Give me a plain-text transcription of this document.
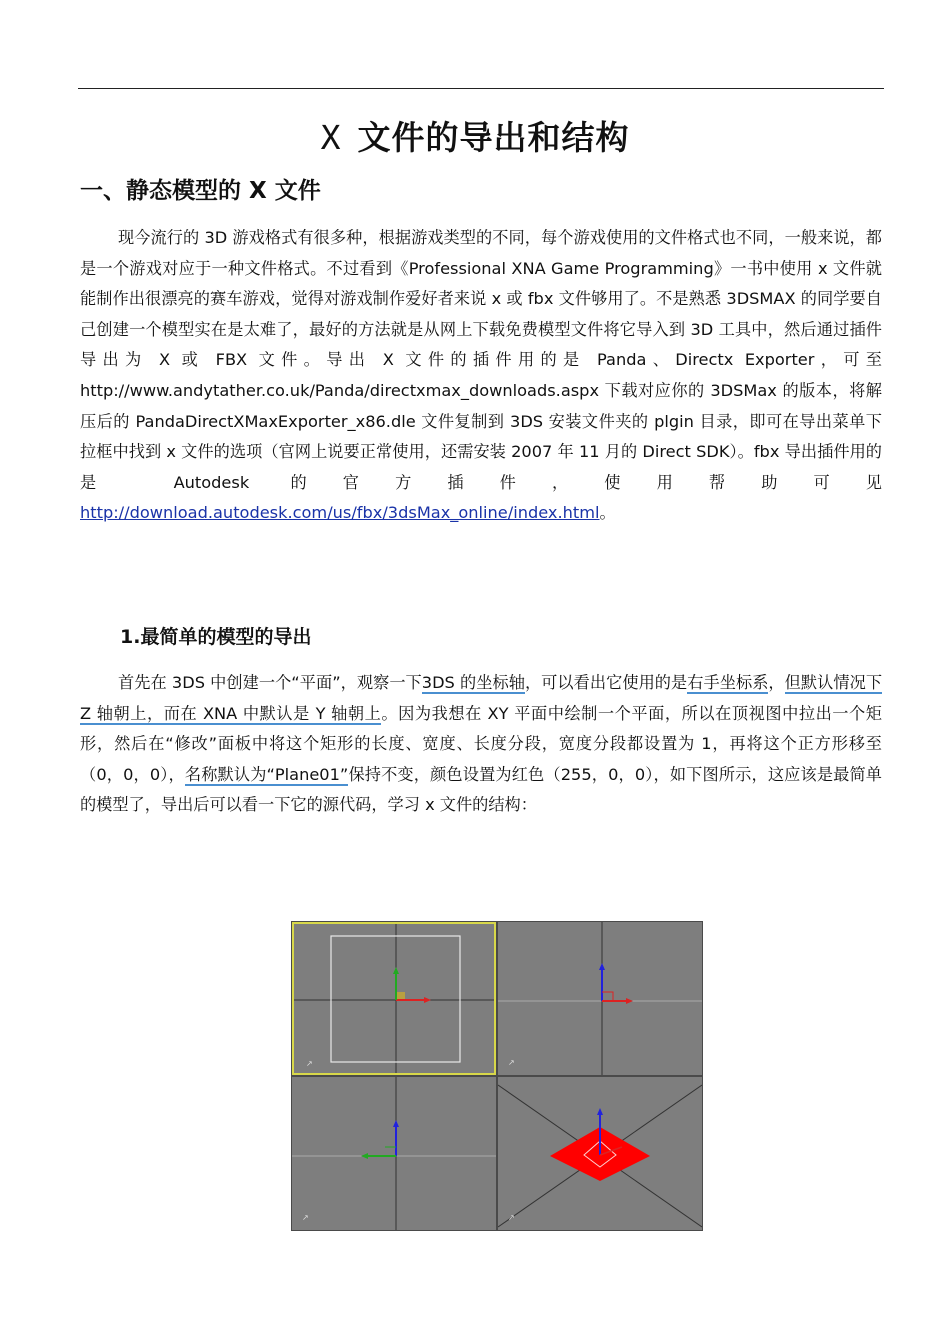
X 文件的导出和结构
一、静态模型的 X 文件

现今流行的 3D 游戏格式有很多种，根据游戏类型的不同，每个游戏使用的文件格式也不同，一般来说，都是一个游戏对应于一种文件格式。不过看到《Professional XNA Game Programming》一书中使用 x 文件就能制作出很漂亮的赛车游戏，觉得对游戏制作爱好者来说 x 或 fbx 文件够用了。不是熟悉 3DSMAX 的同学要自己创建一个模型实在是太难了，最好的方法就是从网上下载免费模型文件将它导入到 3D 工具中，然后通过插件导出为 X 或 FBX 文件。导出 X 文件的插件用的是 Panda、Directx Exporter，可至 http://www.andytather.co.uk/Panda/directxmax_downloads.aspx 下载对应你的 3DSMax 的版本，将解压后的 PandaDirectXMaxExporter_x86.dle 文件复制到 3DS 安装文件夹的 plgin 目录，即可在导出菜单下拉框中找到 x 文件的选项（官网上说要正常使用，还需安装 2007 年 11 月的 Direct SDK）。fbx 导出插件用的是 Autodesk 的官方插件，使用帮助可见http://download.autodesk.com/us/fbx/3dsMax_online/index.html。

1.最简单的模型的导出

首先在 3DS 中创建一个“平面”，观察一下3DS 的坐标轴，可以看出它使用的是右手坐标系，但默认情况下 Z 轴朝上，而在 XNA 中默认是 Y 轴朝上。因为我想在 XY 平面中绘制一个平面，所以在顶视图中拉出一个矩形，然后在“修改”面板中将这个矩形的长度、宽度、长度分段，宽度分段都设置为 1，再将这个正方形移至（0，0，0），名称默认为“Plane01”保持不变，颜色设置为红色（255，0，0），如下图所示，这应该是最简单的模型了，导出后可以看一下它的源代码，学习 x 文件的结构：

↗	↗
↗	↗
